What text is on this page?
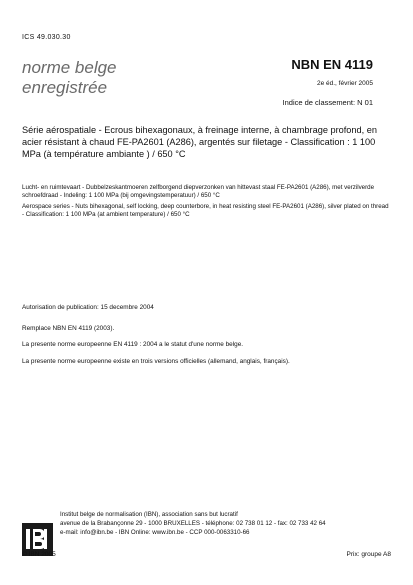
ICS 49.030.30
norme belge
enregistrée
NBN EN 4119
2e éd., février 2005
Indice de classement: N 01
Série aérospatiale - Ecrous bihexagonaux, à freinage interne, à chambrage profond, en acier résistant à chaud FE-PA2601 (A286), argentés sur filetage - Classification : 1 100 MPa (à température ambiante ) / 650 °C
Lucht- en ruimtevaart - Dubbelzeskantmoeren zelfborgend diepverzonken van hittevast staal FE-PA2601 (A286), met verzilverde schroefdraad - Indeling: 1 100 MPa (bij omgevingstemperatuur) / 650 °C
Aerospace series - Nuts bihexagonal, self locking, deep counterbore, in heat resisting steel FE-PA2601 (A286), silver plated on thread - Classification: 1 100 MPa (at ambient temperature) / 650 °C
Autorisation de publication: 15 decembre 2004
Remplace NBN EN 4119 (2003).
La presente norme europeenne EN 4119 : 2004 a le statut d'une norme belge.
La presente norme europeenne existe en trois versions officielles (allemand, anglais, français).
Institut belge de normalisation (IBN), association sans but lucratif
avenue de la Brabançonne 29 - 1000 BRUXELLES - téléphone: 02 738 01 12 - fax: 02 733 42 64
e-mail: info@ibn.be - IBN Online: www.ibn.be - CCP 000-0063310-66
© IBN 2005	Prix: groupe A8
